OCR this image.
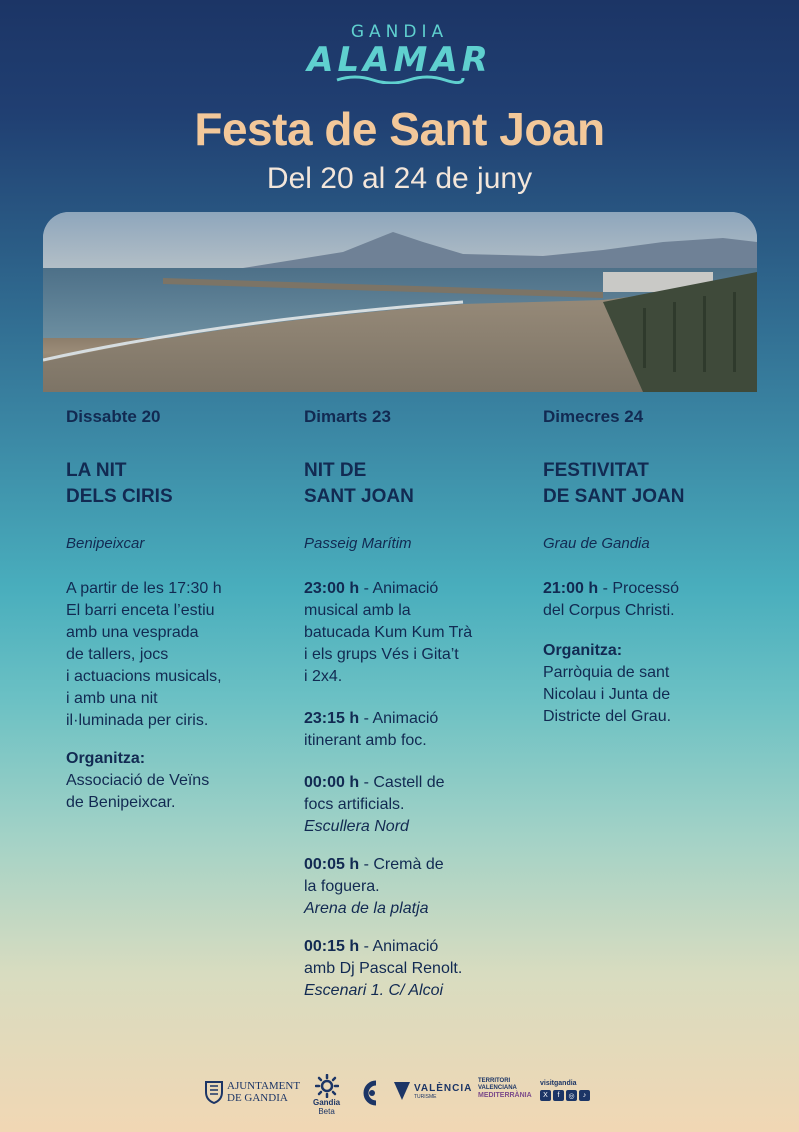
GANDIA
ALAMAR
Festa de Sant Joan
Del 20 al 24 de juny
Dissabte 20
LA NIT
DELS CIRIS
Benipeixcar
A partir de les 17:30 h
El barri enceta l’estiu
amb una vesprada
de tallers, jocs
i actuacions musicals,
i amb una nit
il·luminada per ciris.
Organitza:
Associació de Veïns
de Benipeixcar.
Dimarts 23
NIT DE
SANT JOAN
Passeig Marítim
23:00 h - Animació
musical amb la
batucada Kum Kum Trà
i els grups Vés i Gita’t
i 2x4.
23:15 h - Animació
itinerant amb foc.
00:00 h - Castell de
focs artificials.
Escullera Nord
00:05 h - Cremà de
la foguera.
Arena de la platja
00:15 h - Animació
amb Dj Pascal Renolt.
Escenari 1. C/ Alcoi
Dimecres 24
FESTIVITAT
DE SANT JOAN
Grau de Gandia
21:00 h - Processó
del Corpus Christi.
Organitza:
Parròquia de sant
Nicolau i Junta de
Districte del Grau.
AJUNTAMENT
DE GANDIA	Gandia
Beta
VALÈNCIA
TURISME
TERRITORI
VALENCIANA
MEDITERRÀNIA
visitgandia
X	f	◎	♪
